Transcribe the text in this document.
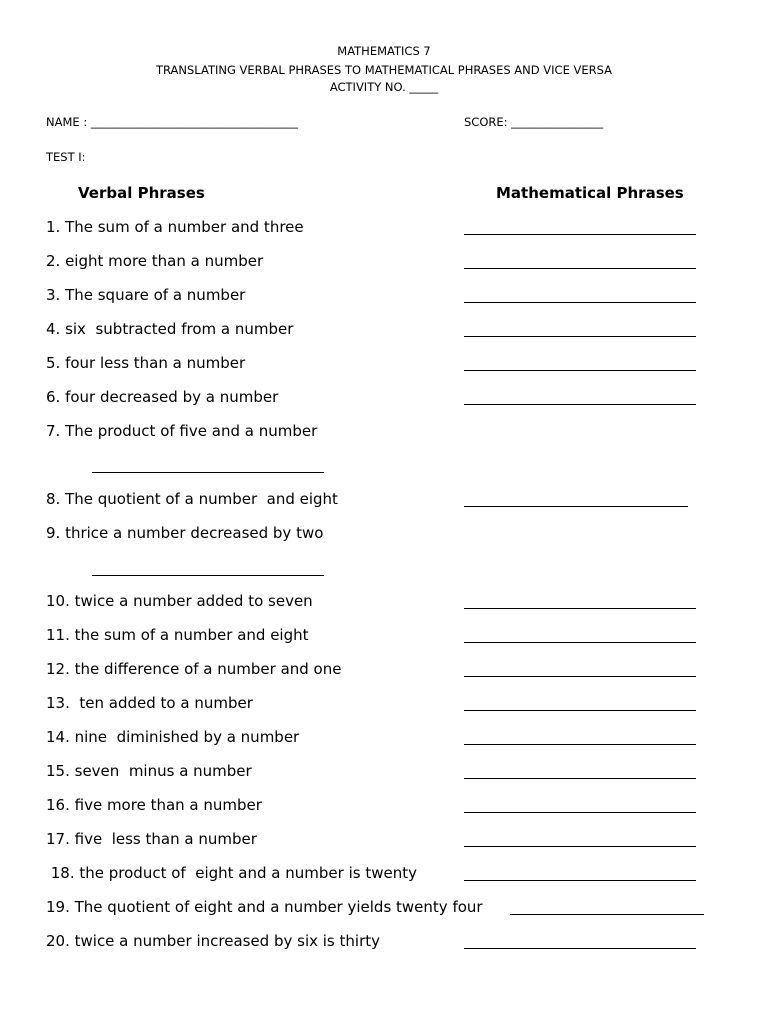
MATHEMATICS 7
TRANSLATING VERBAL PHRASES TO MATHEMATICAL PHRASES AND VICE VERSA
ACTIVITY NO. _____
NAME : ____________________________________	SCORE: ________________
TEST I:
Verbal Phrases	Mathematical Phrases
1. The sum of a number and three
2. eight more than a number
3. The square of a number
4. six  subtracted from a number
5. four less than a number
6. four decreased by a number
7. The product of five and a number
8. The quotient of a number  and eight
9. thrice a number decreased by two
10. twice a number added to seven
11. the sum of a number and eight
12. the difference of a number and one
13.  ten added to a number
14. nine  diminished by a number
15. seven  minus a number
16. five more than a number
17. five  less than a number
18. the product of  eight and a number is twenty
19. The quotient of eight and a number yields twenty four
20. twice a number increased by six is thirty
